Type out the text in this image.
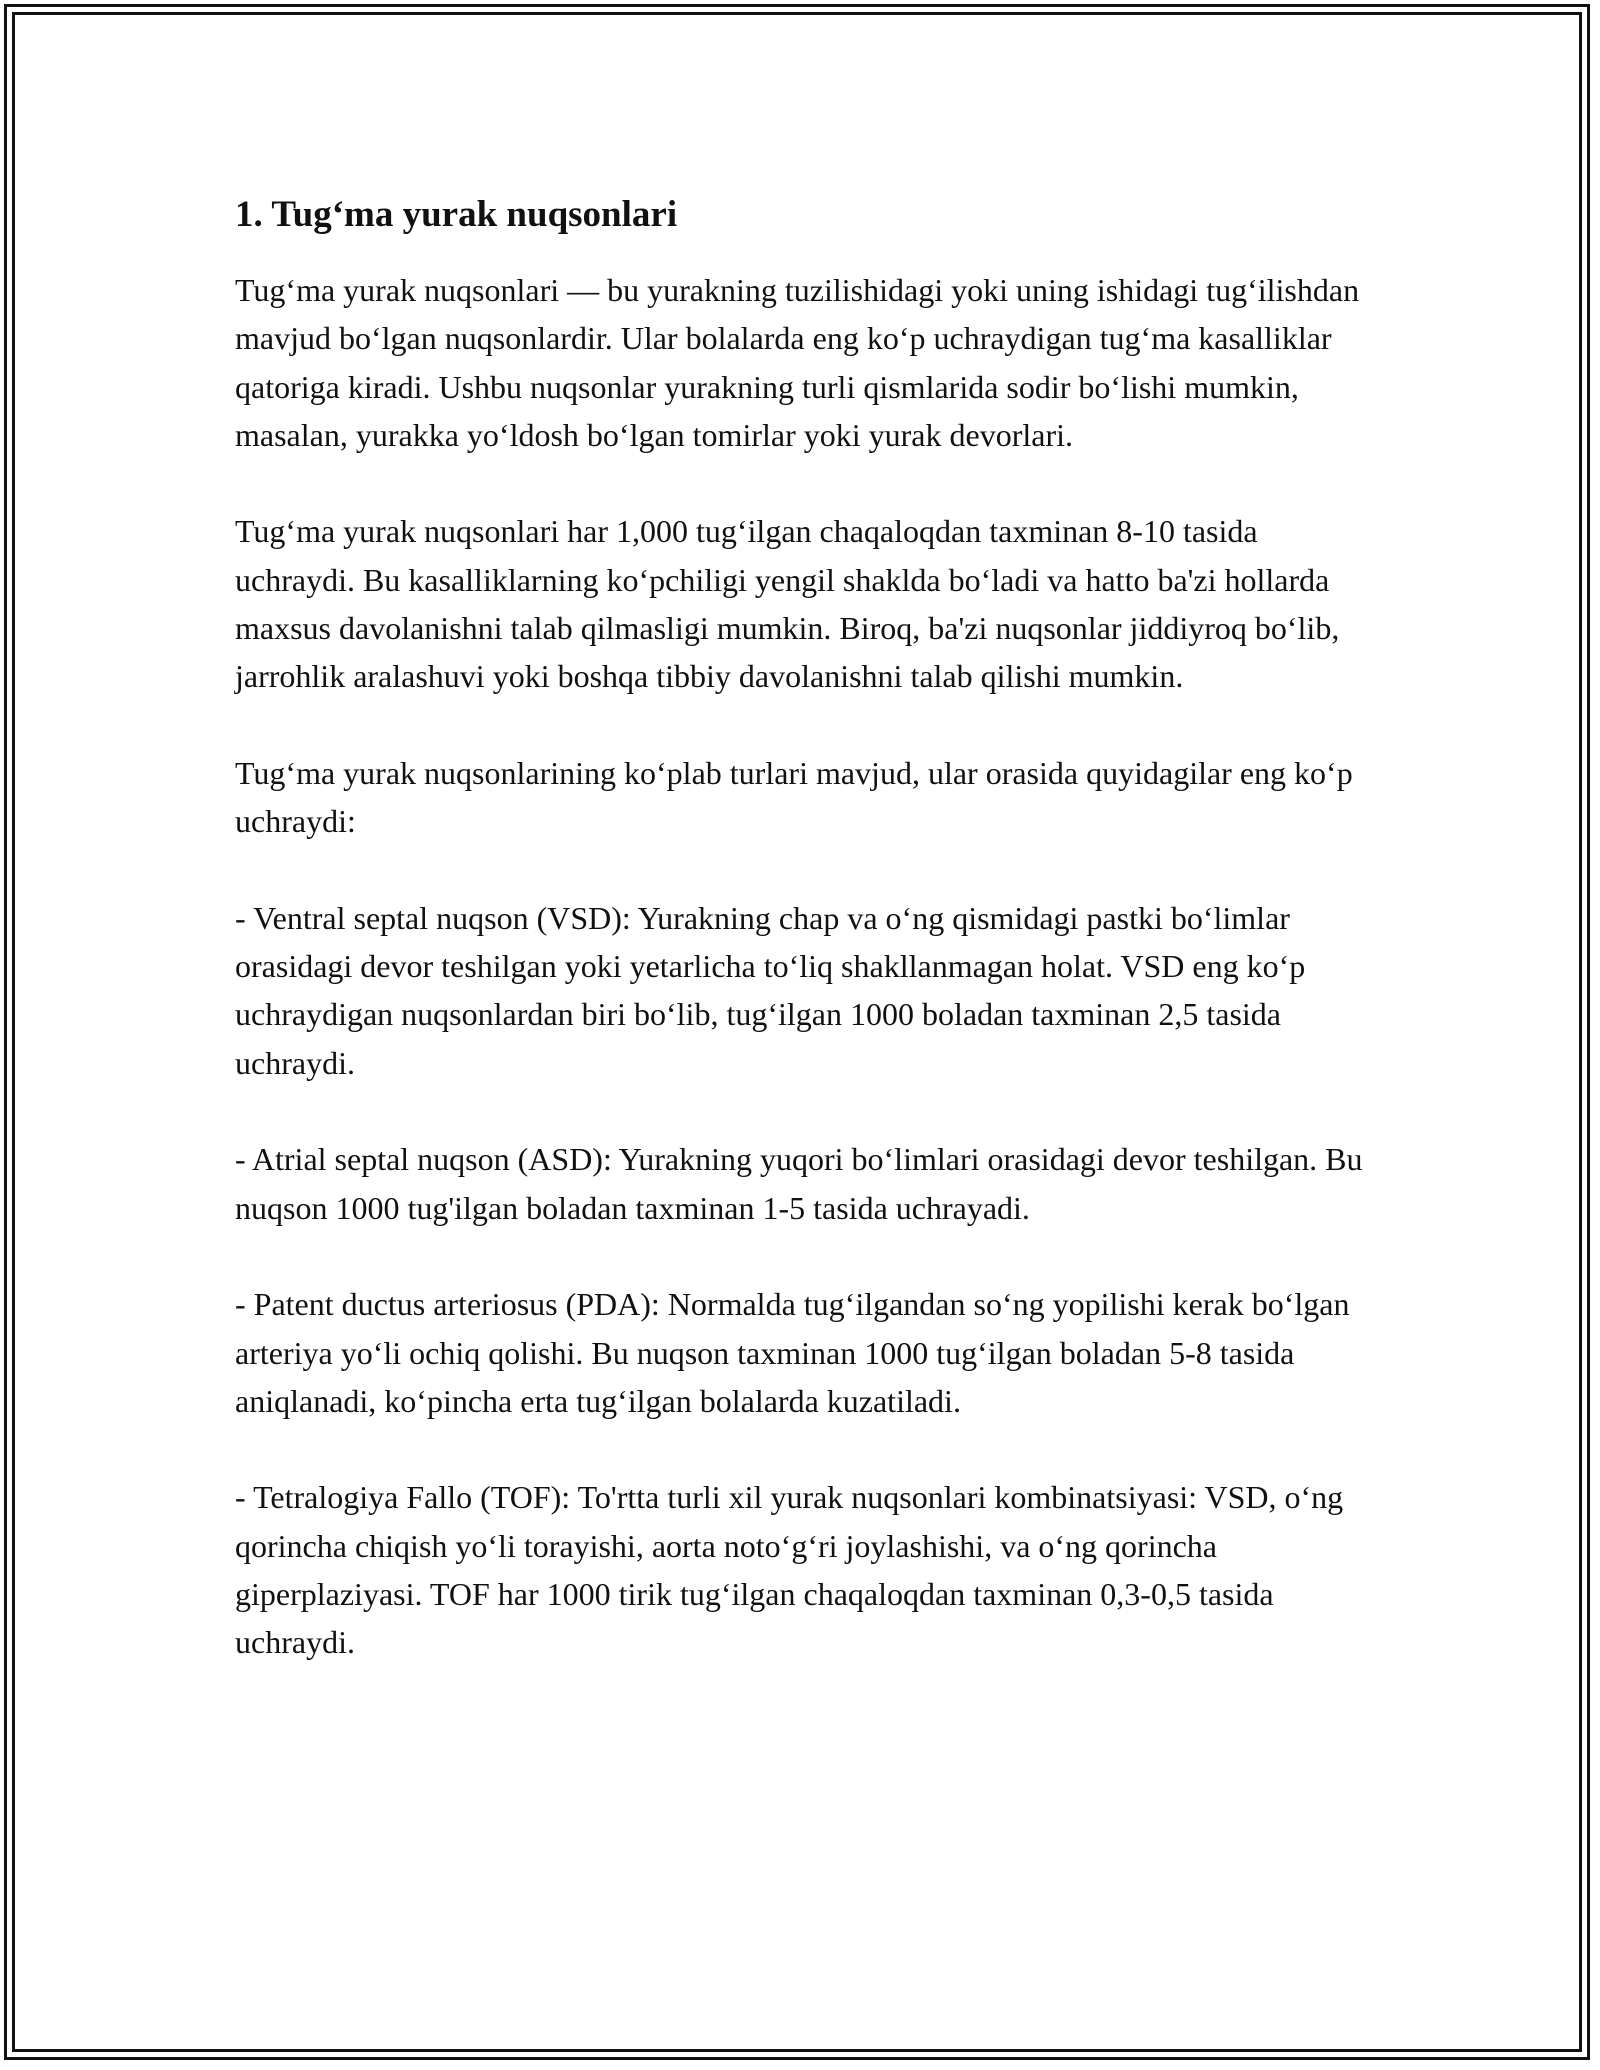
1. Tug‘ma yurak nuqsonlari

Tug‘ma yurak nuqsonlari — bu yurakning tuzilishidagi yoki uning ishidagi tug‘ilishdan mavjud bo‘lgan nuqsonlardir. Ular bolalarda eng ko‘p uchraydigan tug‘ma kasalliklar qatoriga kiradi. Ushbu nuqsonlar yurakning turli qismlarida sodir bo‘lishi mumkin, masalan, yurakka yo‘ldosh bo‘lgan tomirlar yoki yurak devorlari.

Tug‘ma yurak nuqsonlari har 1,000 tug‘ilgan chaqaloqdan taxminan 8-10 tasida uchraydi. Bu kasalliklarning ko‘pchiligi yengil shaklda bo‘ladi va hatto ba'zi hollarda maxsus davolanishni talab qilmasligi mumkin. Biroq, ba'zi nuqsonlar jiddiyroq bo‘lib, jarrohlik aralashuvi yoki boshqa tibbiy davolanishni talab qilishi mumkin.

Tug‘ma yurak nuqsonlarining ko‘plab turlari mavjud, ular orasida quyidagilar eng ko‘p uchraydi:

- Ventral septal nuqson (VSD): Yurakning chap va o‘ng qismidagi pastki bo‘limlar orasidagi devor teshilgan yoki yetarlicha to‘liq shakllanmagan holat. VSD eng ko‘p uchraydigan nuqsonlardan biri bo‘lib, tug‘ilgan 1000 boladan taxminan 2,5 tasida uchraydi.

- Atrial septal nuqson (ASD): Yurakning yuqori bo‘limlari orasidagi devor teshilgan. Bu nuqson 1000 tug'ilgan boladan taxminan 1-5 tasida uchrayadi.

- Patent ductus arteriosus (PDA): Normalda tug‘ilgandan so‘ng yopilishi kerak bo‘lgan arteriya yo‘li ochiq qolishi. Bu nuqson taxminan 1000 tug‘ilgan boladan 5-8 tasida aniqlanadi, ko‘pincha erta tug‘ilgan bolalarda kuzatiladi.

- Tetralogiya Fallo (TOF): To'rtta turli xil yurak nuqsonlari kombinatsiyasi: VSD, o‘ng qorincha chiqish yo‘li torayishi, aorta noto‘g‘ri joylashishi, va o‘ng qorincha giperplaziyasi. TOF har 1000 tirik tug‘ilgan chaqaloqdan taxminan 0,3-0,5 tasida uchraydi.
